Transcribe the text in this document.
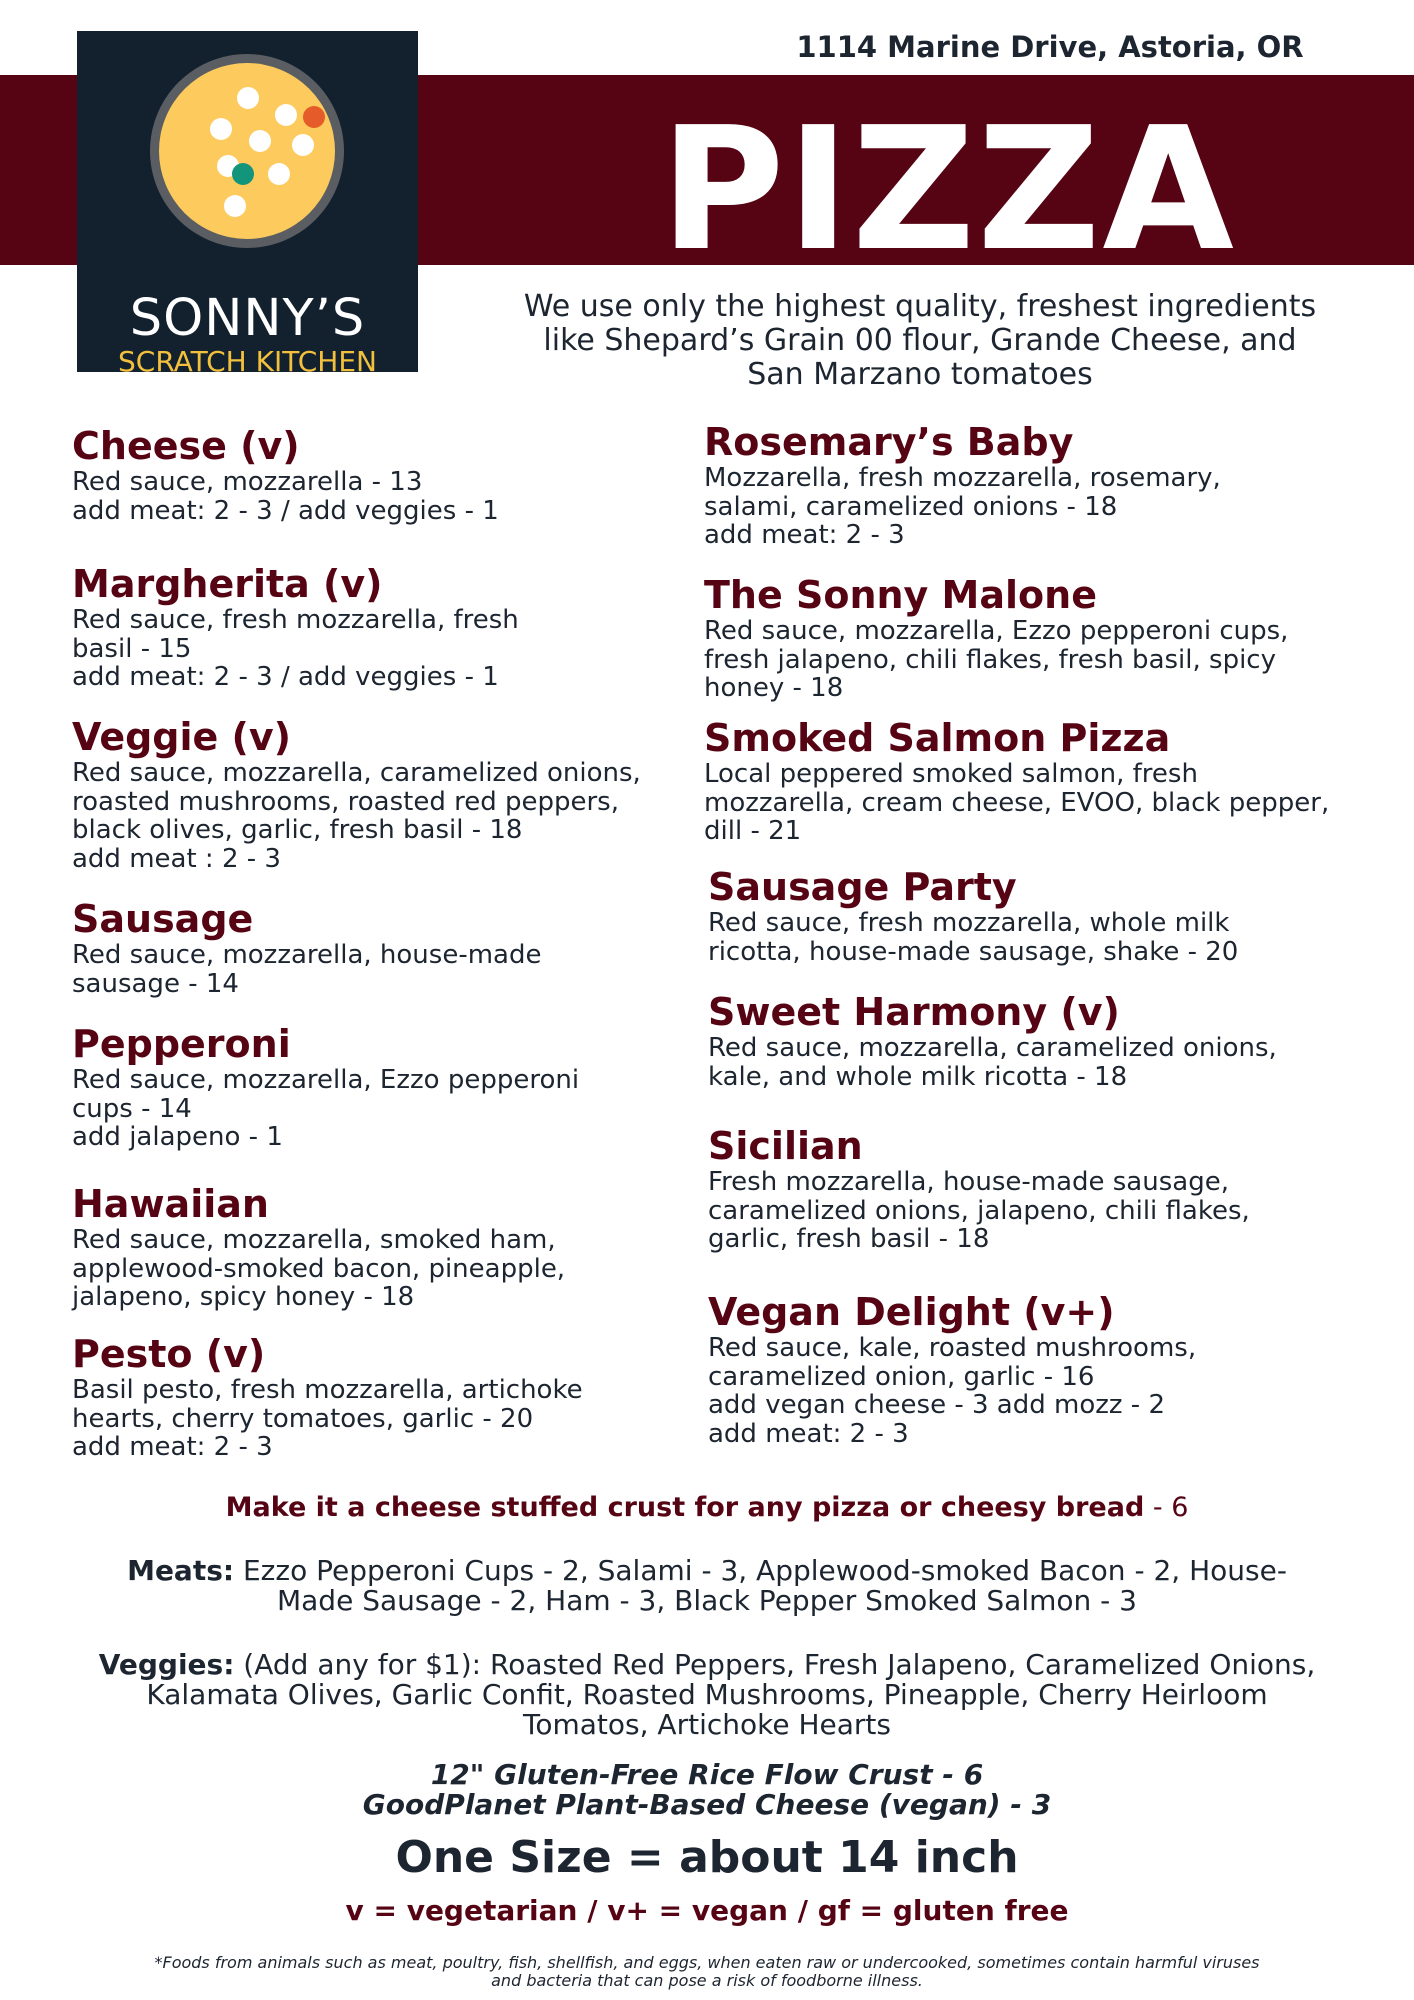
1114 Marine Drive, Astoria, OR
SONNY’S
SCRATCH KITCHEN
PIZZA
We use only the highest quality, freshest ingredients
like Shepard’s Grain 00 flour, Grande Cheese, and
San Marzano tomatoes
Cheese (v)
Red sauce, mozzarella - 13
add meat: 2 - 3 / add veggies - 1
Margherita (v)
Red sauce, fresh mozzarella, fresh
basil - 15
add meat: 2 - 3 / add veggies - 1
Veggie (v)
Red sauce, mozzarella, caramelized onions,
roasted mushrooms, roasted red peppers,
black olives, garlic, fresh basil - 18
add meat : 2 - 3
Sausage
Red sauce, mozzarella, house-made
sausage - 14
Pepperoni
Red sauce, mozzarella, Ezzo pepperoni
cups - 14
add jalapeno - 1
Hawaiian
Red sauce, mozzarella, smoked ham,
applewood-smoked bacon, pineapple,
jalapeno, spicy honey - 18
Pesto (v)
Basil pesto, fresh mozzarella, artichoke
hearts, cherry tomatoes, garlic - 20
add meat: 2 - 3
Rosemary’s Baby
Mozzarella, fresh mozzarella, rosemary,
salami, caramelized onions - 18
add meat: 2 - 3
The Sonny Malone
Red sauce, mozzarella, Ezzo pepperoni cups,
fresh jalapeno, chili flakes, fresh basil, spicy
honey - 18
Smoked Salmon Pizza
Local peppered smoked salmon, fresh
mozzarella, cream cheese, EVOO, black pepper,
dill - 21
Sausage Party
Red sauce, fresh mozzarella, whole milk
ricotta, house-made sausage, shake - 20
Sweet Harmony (v)
Red sauce, mozzarella, caramelized onions,
kale, and whole milk ricotta - 18
Sicilian
Fresh mozzarella, house-made sausage,
caramelized onions, jalapeno, chili flakes,
garlic, fresh basil - 18
Vegan Delight (v+)
Red sauce, kale, roasted mushrooms,
caramelized onion, garlic - 16
add vegan cheese - 3 add mozz - 2
add meat: 2 - 3
Make it a cheese stuffed crust for any pizza or cheesy bread - 6
Meats: Ezzo Pepperoni Cups - 2, Salami - 3, Applewood-smoked Bacon - 2, House-
Made Sausage - 2, Ham - 3, Black Pepper Smoked Salmon - 3
Veggies: (Add any for $1): Roasted Red Peppers, Fresh Jalapeno, Caramelized Onions,
Kalamata Olives, Garlic Confit, Roasted Mushrooms, Pineapple, Cherry Heirloom
Tomatos, Artichoke Hearts
12" Gluten-Free Rice Flow Crust - 6
GoodPlanet Plant-Based Cheese (vegan) - 3
One Size = about 14 inch
v = vegetarian / v+ = vegan / gf = gluten free
*Foods from animals such as meat, poultry, fish, shellfish, and eggs, when eaten raw or undercooked, sometimes contain harmful viruses
and bacteria that can pose a risk of foodborne illness.
